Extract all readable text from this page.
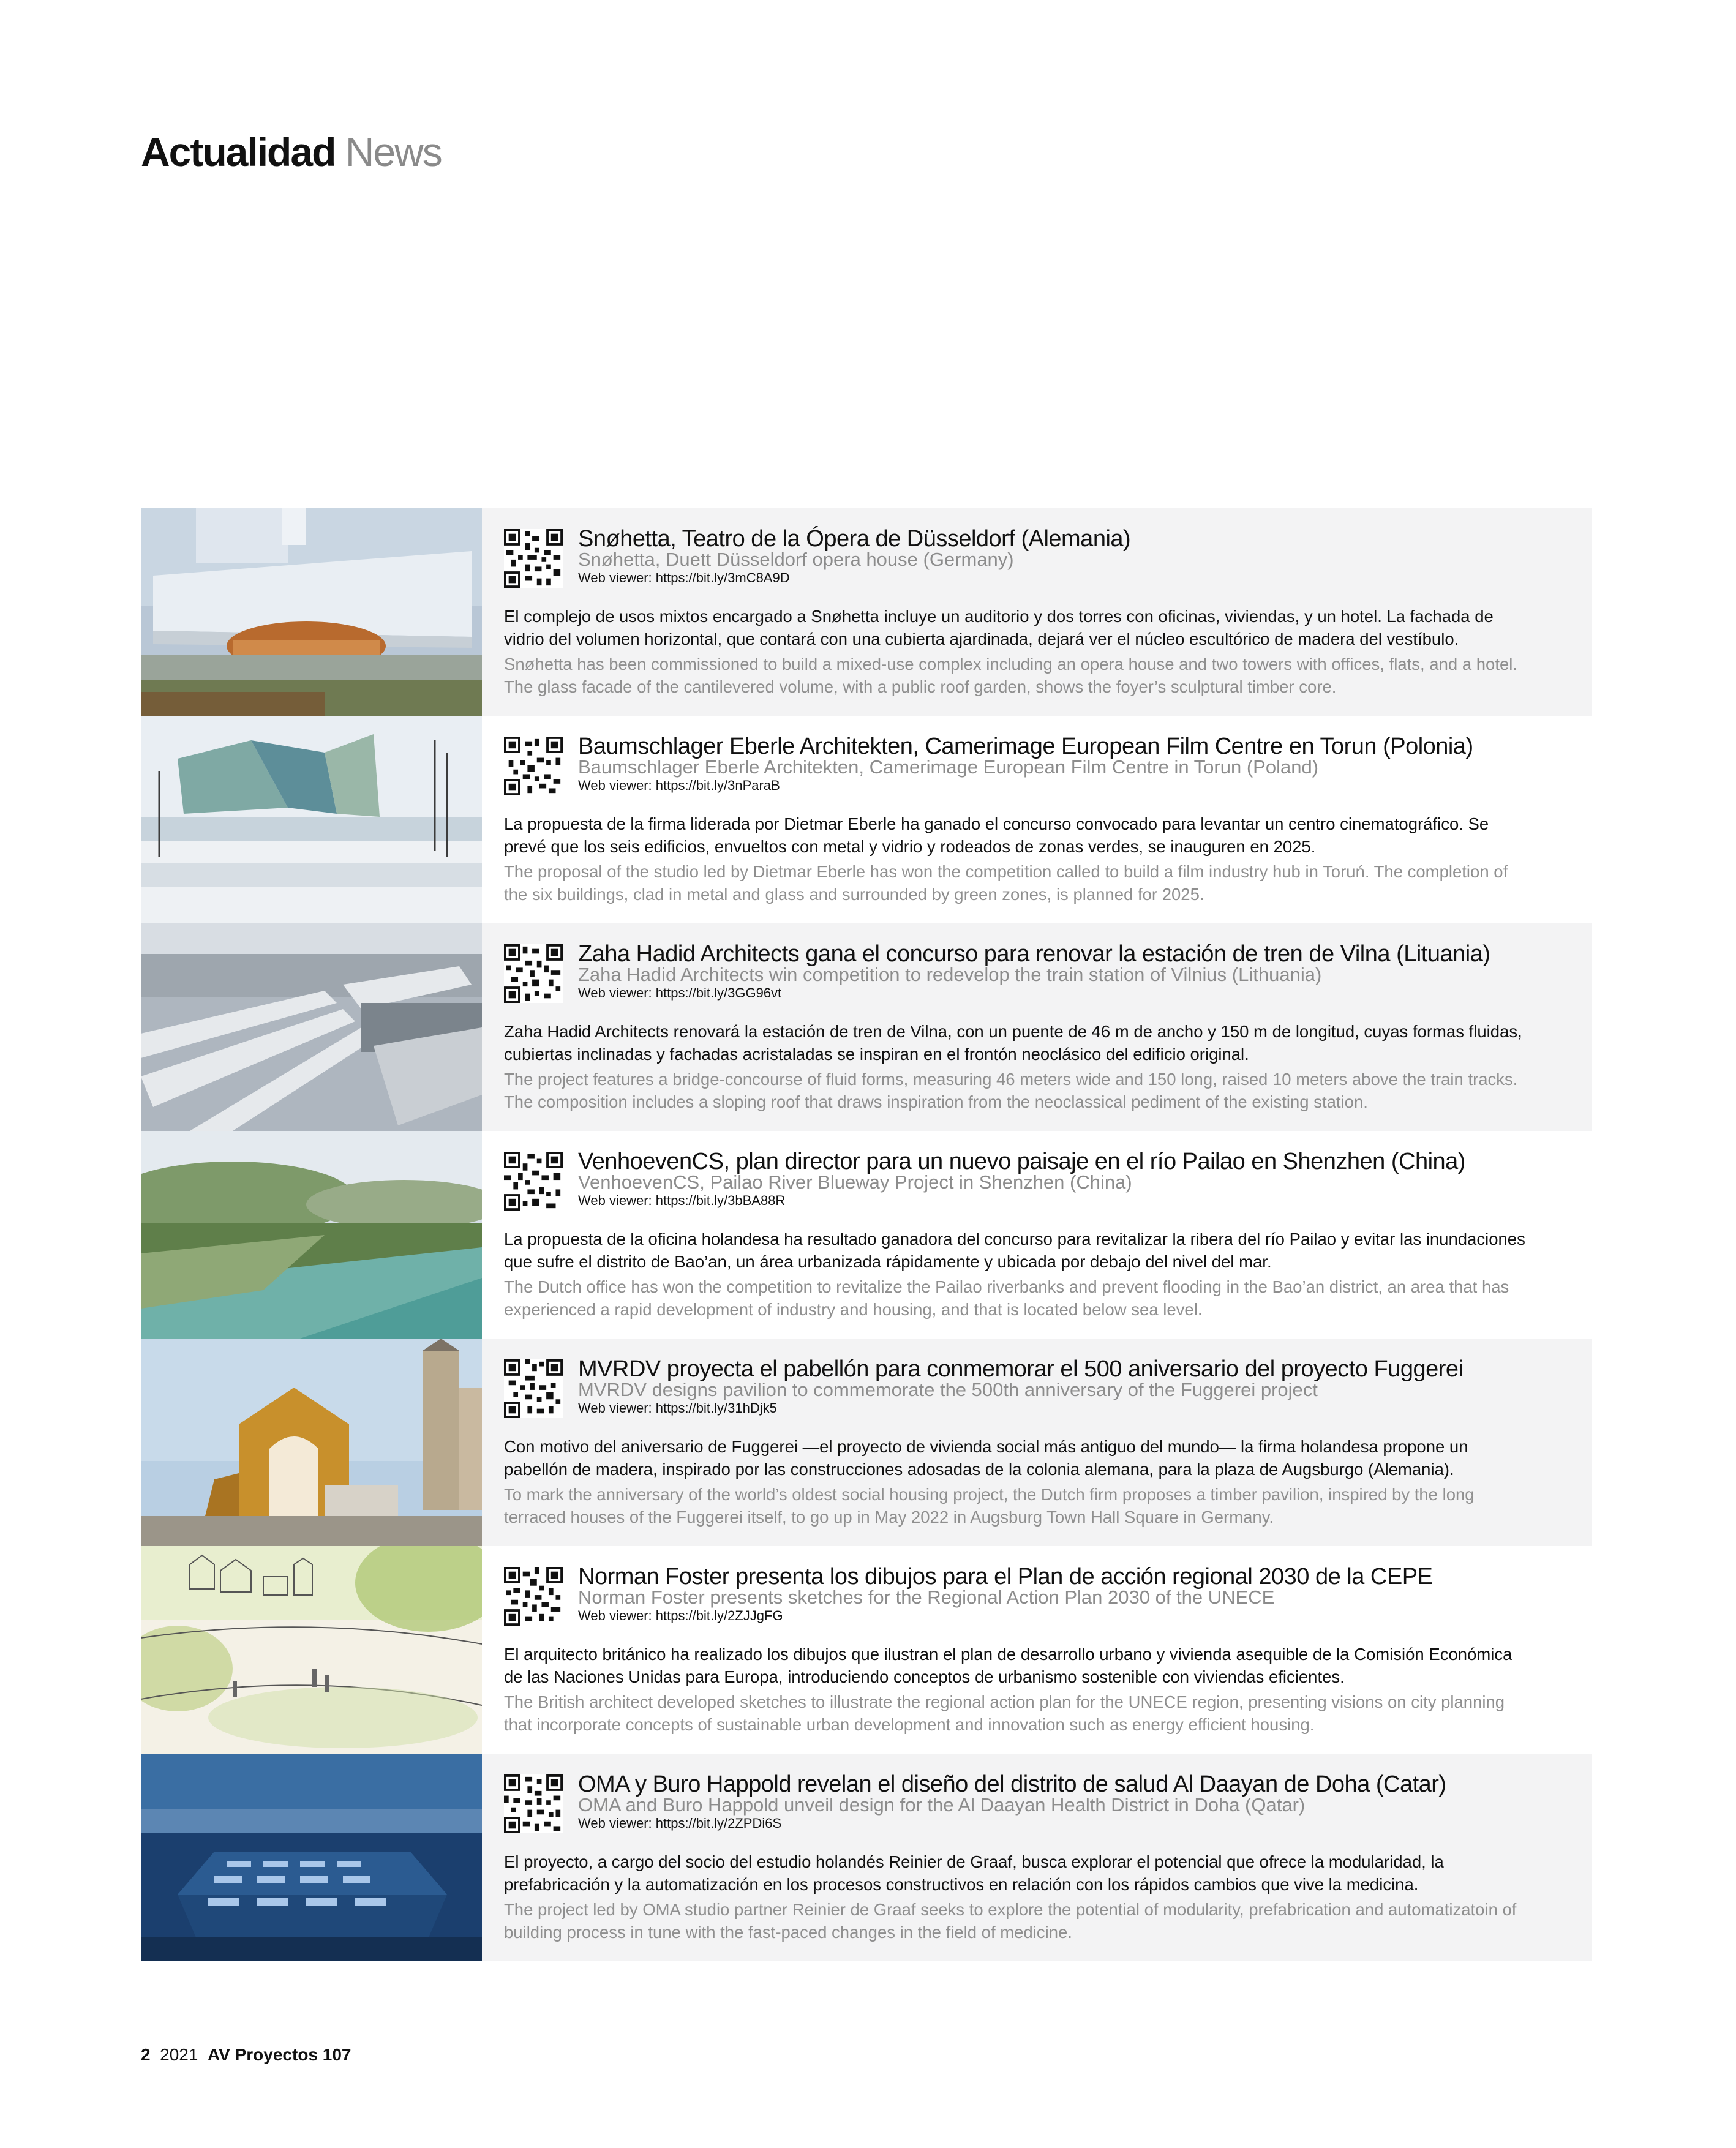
Actualidad News
Snøhetta, Teatro de la Ópera de Düsseldorf (Alemania)
Snøhetta, Duett Düsseldorf opera house (Germany)
Web viewer: https://bit.ly/3mC8A9D
El complejo de usos mixtos encargado a Snøhetta incluye un auditorio y dos torres con oficinas, viviendas, y un hotel. La fachada de vidrio del volumen horizontal, que contará con una cubierta ajardinada, dejará ver el núcleo escultórico de madera del vestíbulo.
Snøhetta has been commissioned to build a mixed-use complex including an opera house and two towers with offices, flats, and a hotel. The glass facade of the cantilevered volume, with a public roof garden, shows the foyer’s sculptural timber core.
Baumschlager Eberle Architekten, Camerimage European Film Centre en Torun (Polonia)
Baumschlager Eberle Architekten, Camerimage European Film Centre in Torun (Poland)
Web viewer: https://bit.ly/3nParaB
La propuesta de la firma liderada por Dietmar Eberle ha ganado el concurso convocado para levantar un centro cinematográfico. Se prevé que los seis edificios, envueltos con metal y vidrio y rodeados de zonas verdes, se inauguren en 2025.
The proposal of the studio led by Dietmar Eberle has won the competition called to build a film industry hub in Toruń. The completion of the six buildings, clad in metal and glass and surrounded by green zones, is planned for 2025.
Zaha Hadid Architects gana el concurso para renovar la estación de tren de Vilna (Lituania)
Zaha Hadid Architects win competition to redevelop the train station of Vilnius (Lithuania)
Web viewer: https://bit.ly/3GG96vt
Zaha Hadid Architects renovará la estación de tren de Vilna, con un puente de 46 m de ancho y 150 m de longitud, cuyas formas fluidas, cubiertas inclinadas y fachadas acristaladas se inspiran en el frontón neoclásico del edificio original.
The project features a bridge-concourse of fluid forms, measuring 46 meters wide and 150 long, raised 10 meters above the train tracks. The composition includes a sloping roof that draws inspiration from the neoclassical pediment of the existing station.
VenhoevenCS, plan director para un nuevo paisaje en el río Pailao en Shenzhen (China)
VenhoevenCS, Pailao River Blueway Project in Shenzhen (China)
Web viewer: https://bit.ly/3bBA88R
La propuesta de la oficina holandesa ha resultado ganadora del concurso para revitalizar la ribera del río Pailao y evitar las inundaciones que sufre el distrito de Bao’an, un área urbanizada rápidamente y ubicada por debajo del nivel del mar.
The Dutch office has won the competition to revitalize the Pailao riverbanks and prevent flooding in the Bao’an district, an area that has experienced a rapid development of industry and housing, and that is located below sea level.
MVRDV proyecta el pabellón para conmemorar el 500 aniversario del proyecto Fuggerei
MVRDV designs pavilion to commemorate the 500th anniversary of the Fuggerei project
Web viewer: https://bit.ly/31hDjk5
Con motivo del aniversario de Fuggerei —el proyecto de vivienda social más antiguo del mundo— la firma holandesa propone un pabellón de madera, inspirado por las construcciones adosadas de la colonia alemana, para la plaza de Augsburgo (Alemania).
To mark the anniversary of the world’s oldest social housing project, the Dutch firm proposes a timber pavilion, inspired by the long terraced houses of the Fuggerei itself, to go up in May 2022 in Augsburg Town Hall Square in Germany.
Norman Foster presenta los dibujos para el Plan de acción regional 2030 de la CEPE
Norman Foster presents sketches for the Regional Action Plan 2030 of the UNECE
Web viewer: https://bit.ly/2ZJJgFG
El arquitecto británico ha realizado los dibujos que ilustran el plan de desarrollo urbano y vivienda asequible de la Comisión Económica de las Naciones Unidas para Europa, introduciendo conceptos de urbanismo sostenible con viviendas eficientes.
The British architect developed sketches to illustrate the regional action plan for the UNECE region, presenting visions on city planning that incorporate concepts of sustainable urban development and innovation such as energy efficient housing.
OMA y Buro Happold revelan el diseño del distrito de salud Al Daayan de Doha (Catar)
OMA and Buro Happold unveil design for the Al Daayan Health District in Doha (Qatar)
Web viewer: https://bit.ly/2ZPDi6S
El proyecto, a cargo del socio del estudio holandés Reinier de Graaf, busca explorar el potencial que ofrece la modularidad, la prefabricación y la automatización en los procesos constructivos en relación con los rápidos cambios que vive la medicina.
The project led by OMA studio partner Reinier de Graaf seeks to explore the potential of modularity, prefabrication and automatizatoin of building process in tune with the fast-paced changes in the field of medicine.
2 2021 AV Proyectos 107
